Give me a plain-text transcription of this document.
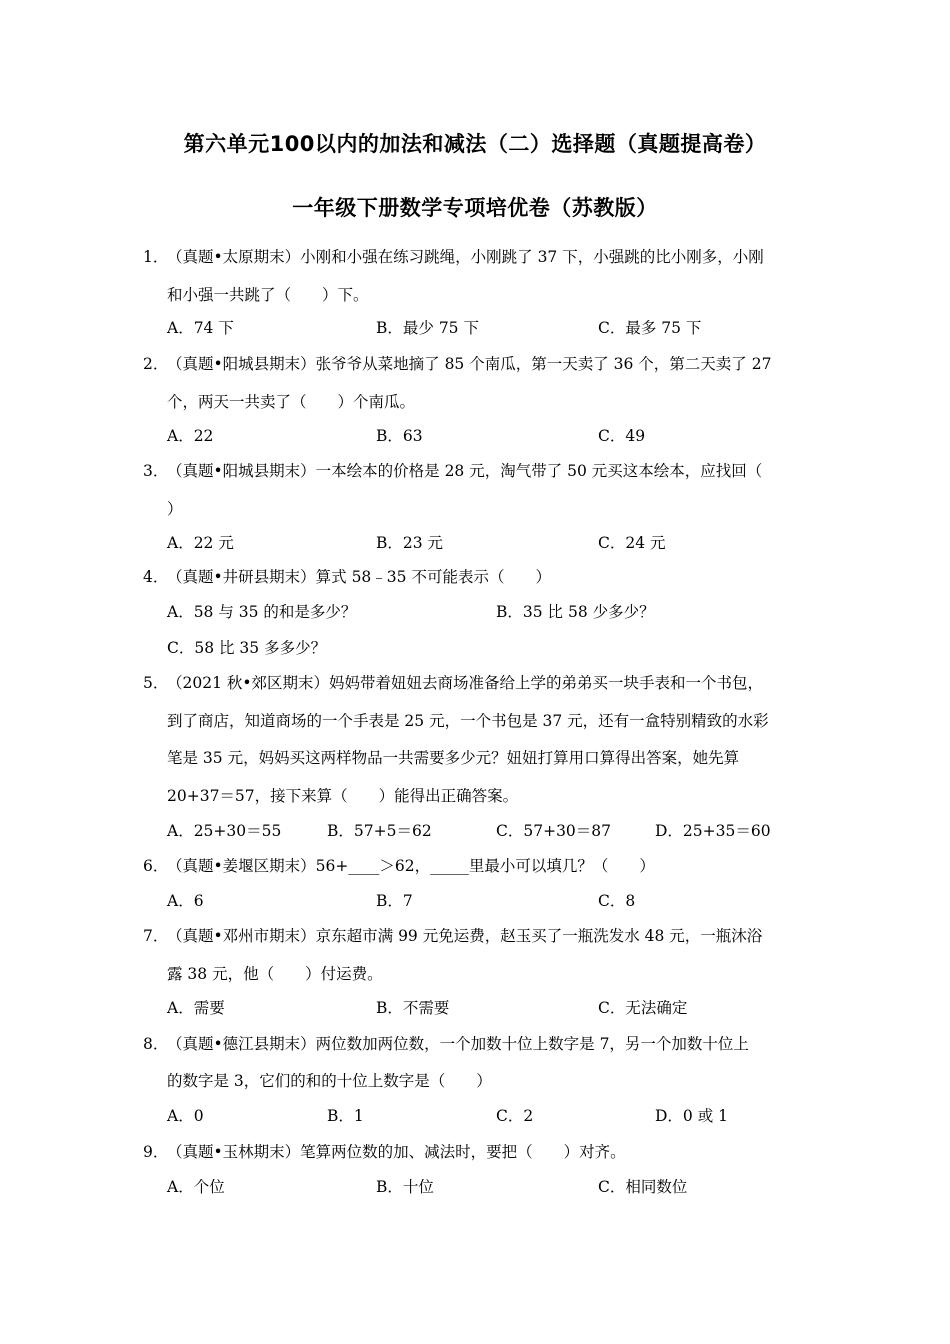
第六单元100以内的加法和减法（二）选择题（真题提高卷）
一年级下册数学专项培优卷（苏教版）
1．
（真题•太原期末）小刚和小强在练习跳绳，小刚跳了 37 下，小强跳的比小刚多，小刚
和小强一共跳了（　　）下。
A．74 下	B．最少 75 下	C．最多 75 下
2．
（真题•阳城县期末）张爷爷从菜地摘了 85 个南瓜，第一天卖了 36 个，第二天卖了 27
个，两天一共卖了（　　）个南瓜。
A．22	B．63	C．49
3．
（真题•阳城县期末）一本绘本的价格是 28 元，淘气带了 50 元买这本绘本，应找回（
）
A．22 元	B．23 元	C．24 元
4．
（真题•井研县期末）算式 58﹣35 不可能表示（　　）
A．58 与 35 的和是多少？	B．35 比 58 少多少？
C．58 比 35 多多少？
5．
（2021 秋•郊区期末）妈妈带着妞妞去商场准备给上学的弟弟买一块手表和一个书包，
到了商店，知道商场的一个手表是 25 元，一个书包是 37 元，还有一盒特别精致的水彩
笔是 35 元，妈妈买这两样物品一共需要多少元？妞妞打算用口算得出答案，她先算
20+37＝57，接下来算（　　）能得出正确答案。
A．25+30＝55	B．57+5＝62	C．57+30＝87	D．25+35＝60
6．
（真题•姜堰区期末）56+____＞62，_____里最小可以填几？（　　）
A．6	B．7	C．8
7．
（真题•邓州市期末）京东超市满 99 元免运费，赵玉买了一瓶洗发水 48 元，一瓶沐浴
露 38 元，他（　　）付运费。
A．需要	B．不需要	C．无法确定
8．
（真题•德江县期末）两位数加两位数，一个加数十位上数字是 7，另一个加数十位上
的数字是 3，它们的和的十位上数字是（　　）
A．0	B．1	C．2	D．0 或 1
9．
（真题•玉林期末）笔算两位数的加、减法时，要把（　　）对齐。
A．个位	B．十位	C．相同数位
